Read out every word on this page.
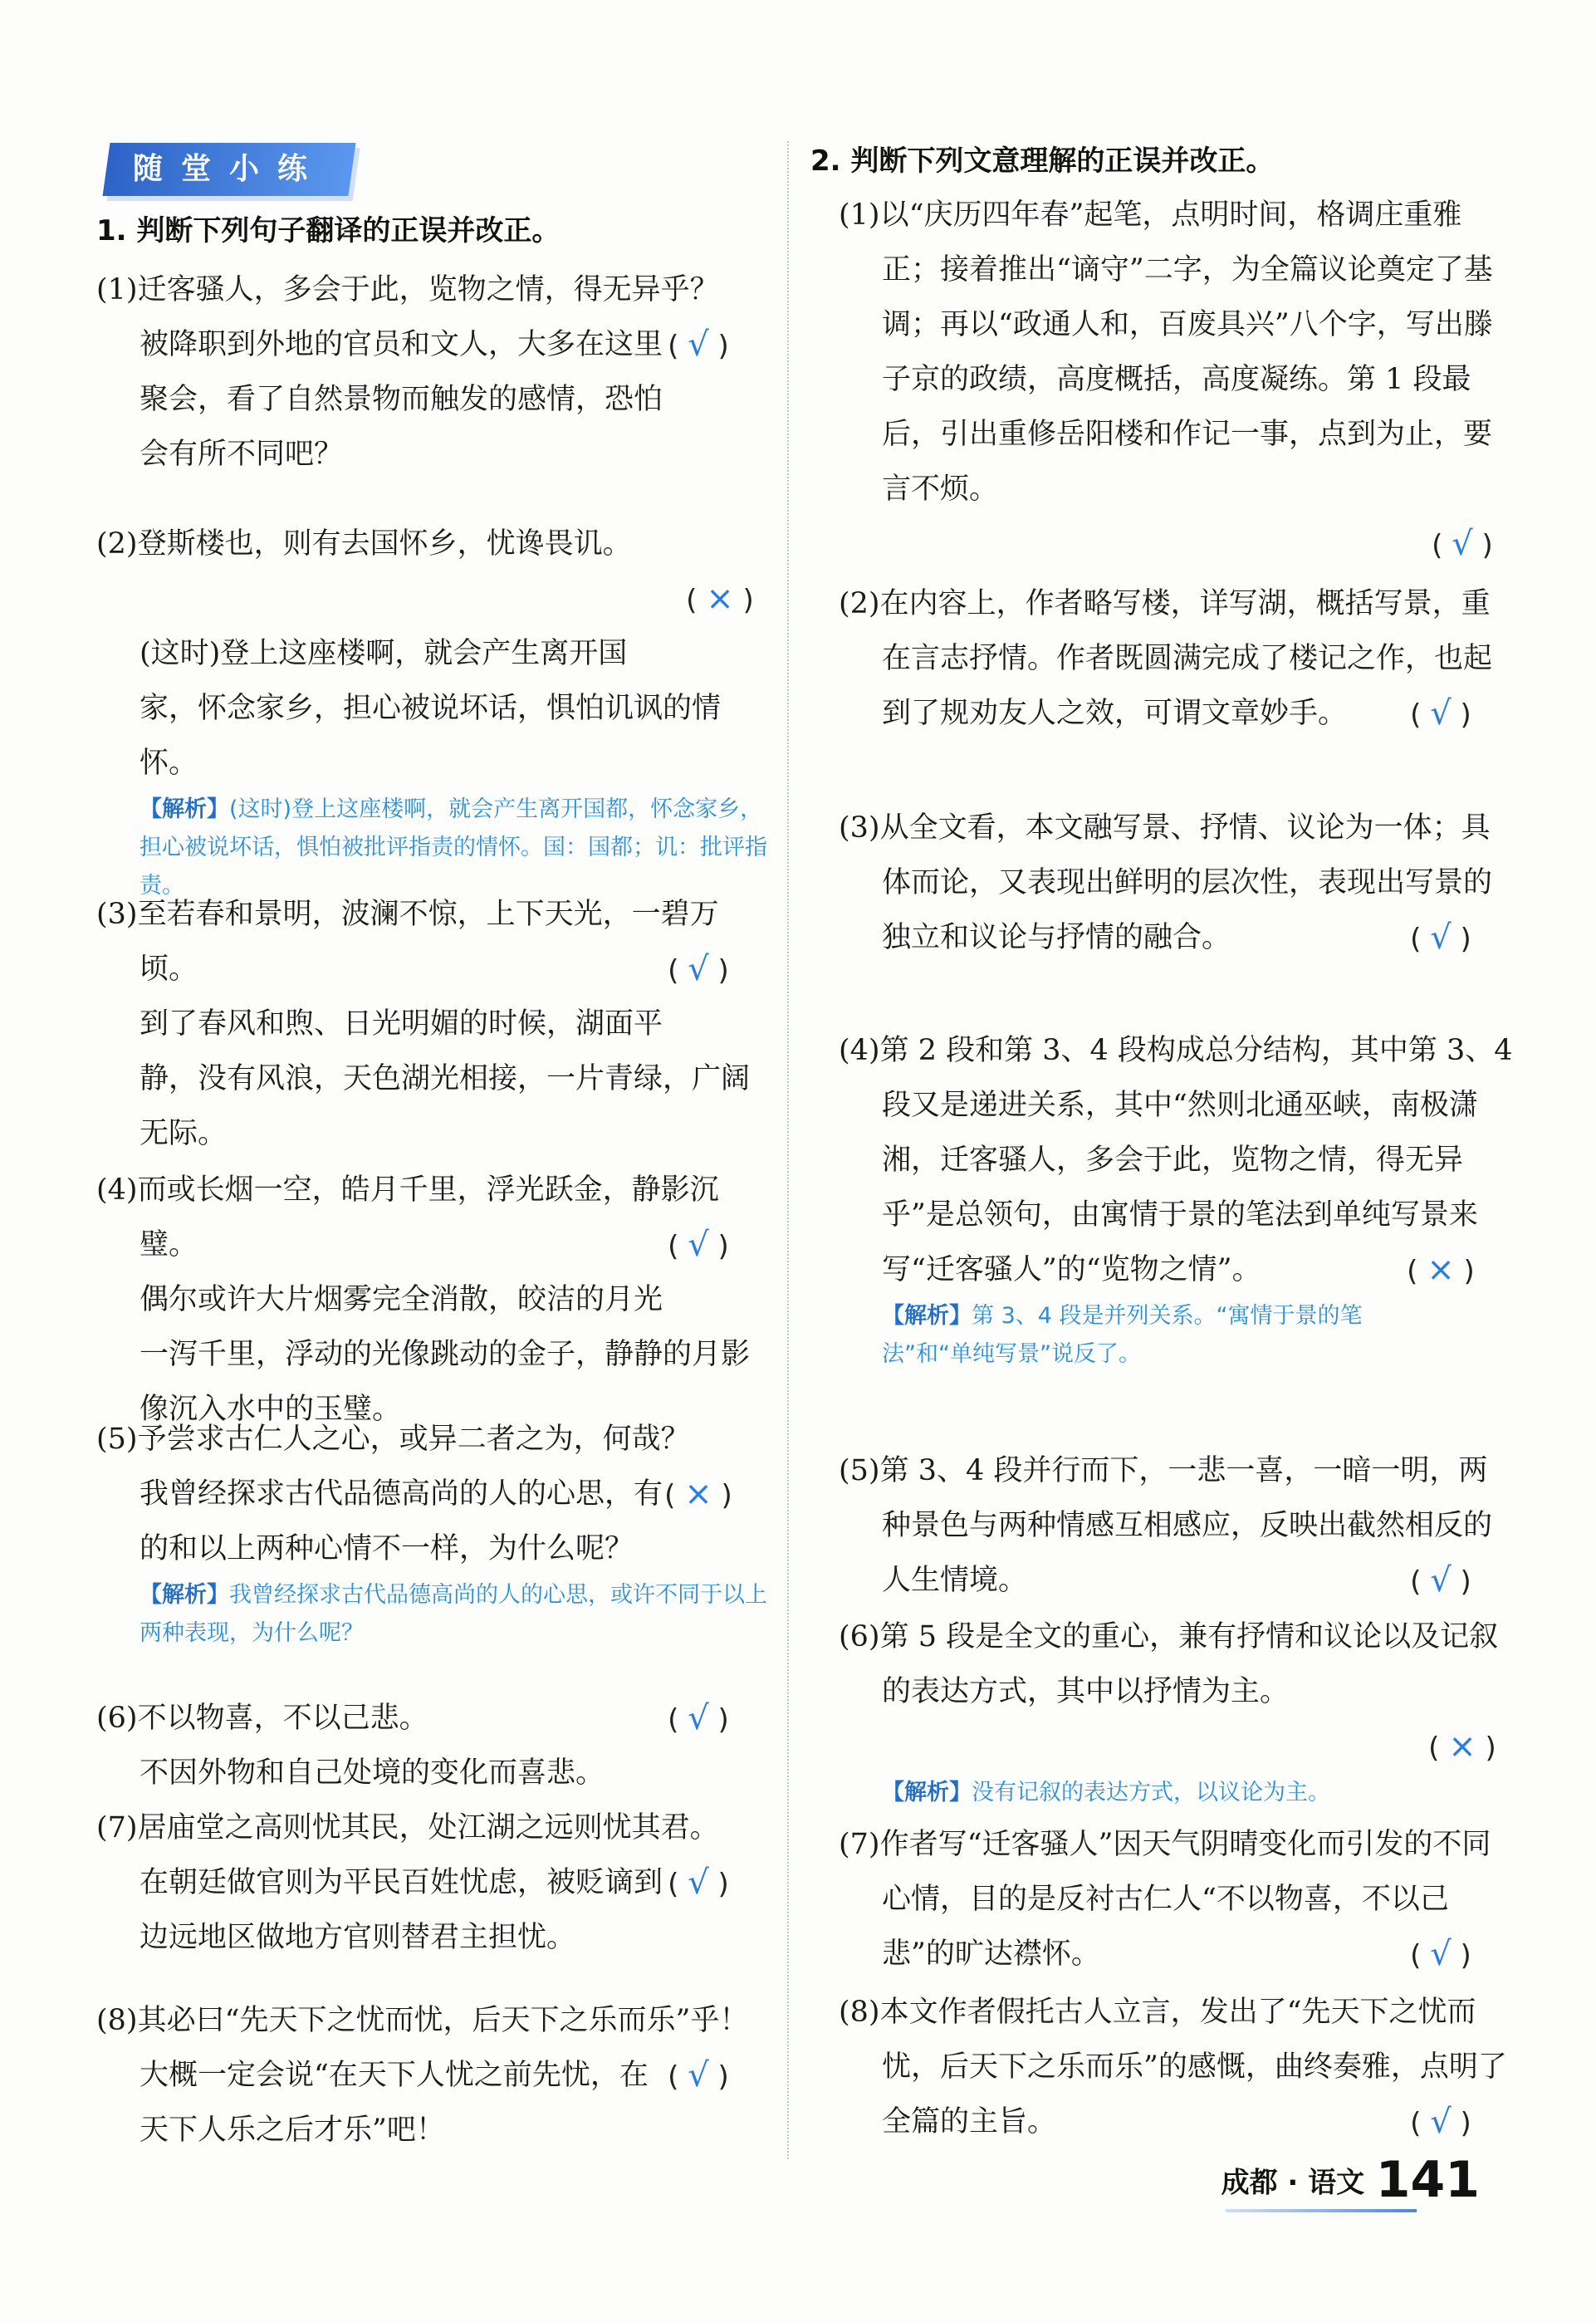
随堂小练
1. 判断下列句子翻译的正误并改正。
(1)迁客骚人，多会于此，览物之情，得无异乎？
( √ )
被降职到外地的官员和文人，大多在这里聚会，看了自然景物而触发的感情，恐怕会有所不同吧？
(2)登斯楼也，则有去国怀乡，忧谗畏讥。
( × )
(这时)登上这座楼啊，就会产生离开国家，怀念家乡，担心被说坏话，惧怕讥讽的情怀。
【解析】(这时)登上这座楼啊，就会产生离开国都，怀念家乡，担心被说坏话，惧怕被批评指责的情怀。国：国都；讥：批评指责。
(3)至若春和景明，波澜不惊，上下天光，一碧万顷。	( √ )
到了春风和煦、日光明媚的时候，湖面平静，没有风浪，天色湖光相接，一片青绿，广阔无际。
(4)而或长烟一空，皓月千里，浮光跃金，静影沉璧。	( √ )
偶尔或许大片烟雾完全消散，皎洁的月光一泻千里，浮动的光像跳动的金子，静静的月影像沉入水中的玉璧。
(5)予尝求古仁人之心，或异二者之为，何哉？
( × )
我曾经探求古代品德高尚的人的心思，有的和以上两种心情不一样，为什么呢？
【解析】我曾经探求古代品德高尚的人的心思，或许不同于以上两种表现，为什么呢？
(6)不以物喜，不以己悲。	( √ )
不因外物和自己处境的变化而喜悲。
(7)居庙堂之高则忧其民，处江湖之远则忧其君。
( √ )
在朝廷做官则为平民百姓忧虑，被贬谪到边远地区做地方官则替君主担忧。
(8)其必曰“先天下之忧而忧，后天下之乐而乐”乎！
( √ )
大概一定会说“在天下人忧之前先忧，在天下人乐之后才乐”吧！
2. 判断下列文意理解的正误并改正。
(1)以“庆历四年春”起笔，点明时间，格调庄重雅正；接着推出“谪守”二字，为全篇议论奠定了基调；再以“政通人和，百废具兴”八个字，写出滕子京的政绩，高度概括，高度凝练。第 1 段最后，引出重修岳阳楼和作记一事，点到为止，要言不烦。
( √ )
(2)在内容上，作者略写楼，详写湖，概括写景，重在言志抒情。作者既圆满完成了楼记之作，也起到了规劝友人之效，可谓文章妙手。 ( √ )
(3)从全文看，本文融写景、抒情、议论为一体；具体而论，又表现出鲜明的层次性，表现出写景的独立和议论与抒情的融合。	( √ )
(4)第 2 段和第 3、4 段构成总分结构，其中第 3、4 段又是递进关系，其中“然则北通巫峡，南极潇湘，迁客骚人，多会于此，览物之情，得无异乎”是总领句，由寓情于景的笔法到单纯写景来写“迁客骚人”的“览物之情”。	( × )
【解析】第 3、4 段是并列关系。“寓情于景的笔法”和“单纯写景”说反了。
(5)第 3、4 段并行而下，一悲一喜，一暗一明，两种景色与两种情感互相感应，反映出截然相反的人生情境。	( √ )
(6)第 5 段是全文的重心，兼有抒情和议论以及记叙的表达方式，其中以抒情为主。
( × )
【解析】没有记叙的表达方式，以议论为主。
(7)作者写“迁客骚人”因天气阴晴变化而引发的不同心情，目的是反衬古仁人“不以物喜，不以己悲”的旷达襟怀。	( √ )
(8)本文作者假托古人立言，发出了“先天下之忧而忧，后天下之乐而乐”的感慨，曲终奏雅，点明了全篇的主旨。	( √ )
成都 · 语文 141
